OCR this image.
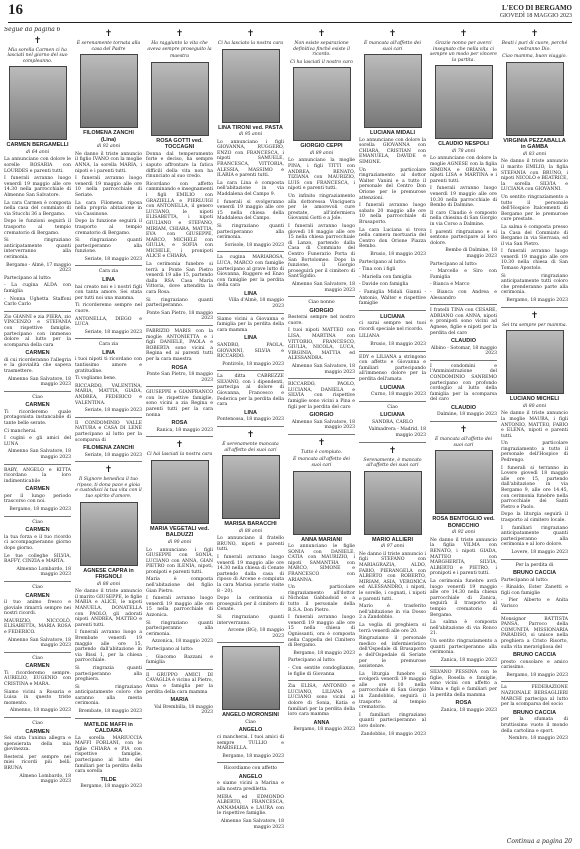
16	L'ECO DI BERGAMO
GIOVEDÌ 18 MAGGIO 2023
Segue da pagina 6
✝

Mia sorella Carmen ci ha lasciati nel giorno del suo compleanno.

CARMEN BERGAMELLI
di 64 anni

La annunciano con dolore le sorelle ROSARIA con LOURDES e parenti tutti.

I funerali avranno luogo venerdì 19 maggio alle ore 14.30 nella parrocchiale di Almenno San Salvatore.

La cara Carmen è composta nella casa del commiato di via Stucchi 36 a Bergamo.

Dopo le funzioni seguirà il trasporto al tempio crematorio di Bergamo.

Si ringraziano anticipatamente quanti interverranno alla cerimonia.

Bergamo - Almè, 17 maggio 2023

Partecipano al lutto:

- La cugina ALDA con famiglia

- Nonna Ughetta Staffoni Carlo Carlo

Zio GIANNI e zia PIERA, zio VINCENZO e STEFANIA con rispettive famiglie, partecipano con immenso dolore al lutto per la scomparsa della cara

CARMEN

di cui ricorderanno l'allegria e la giovialità che sapeva trasmettere.

Almenno San Salvatore, 18 maggio 2023

Ciao

CARMEN

Ti ricorderemo quale protagonista instancabile di tante belle serate.

Ci mancherai.

I cugini e gli amici del LUNA

Almenno San Salvatore, 18 maggio 2023

BABY, ANGELO e KITTA ricordano la loro indimenticabile

CARMEN

per il lungo periodo trascorso con noi.

Bergamo, 18 maggio 2023

Ciao

CARMEN

la tua forza e il tuo ricordo ci accompagneranno giorno dopo giorno.

Le tue colleghe SILVIA, BAFFY, CINZIA e MARTA.

Almenno Lombardo, 18 maggio 2023

Ciao

CARMEN

il tuo animo fresco e gioviale rimarrà sempre nei nostri ricordi.

MAURIZIO, NICCOLÒ, ELISABETTA, MARIA ROSA e FEDERICO.

Almenno San Salvatore, 18 maggio 2023

Ciao

CARMEN

Ti ricorderemo sempre. AURELIO, EUGENIO con CRISTINA e MARA.

Siamo vicini a Rosaria e Luisa in questo triste momento.

Almenno, 18 maggio 2023

Ciao

CARMEN

Sei stata l'anima allegra e spensierata della mia giovinezza.

Resterai per sempre nei miei ricordi più belli. BRUNA

Almeno Lombardo, 18 maggio 2023

✝

È serenamente tornata alla casa del Padre

FILOMENA ZANCHI (Lina)
di 92 anni

Ne danno il triste annuncio il figlio IVANO con la moglie ANNA, la sorella MARIA, i nipoti e i parenti tutti.

I funerali avranno luogo venerdì 19 maggio alle ore 10 nella parrocchiale di Seriate.

La cara Filomena riposa nella propria abitazione in via Cassinone.

Dopo la funzione seguirà il trasporto al tempio crematorio di Bergamo.

Si ringraziano quanti parteciperanno alla funzione.

Seriate, 18 maggio 2023

Cara zia

LINA

hai creato noi e i nostri figli con tanta amore. Sei stata per tutti noi una mamma.

Ti ricorderemo sempre nel cuore.

ANTONELLA, DIEGO e LUCA

Seriate, 18 maggio 2023

Cara zia

LINA

i tuoi nipoti ti ricordano con tantissimo amore e gratitudine.

Ti vogliamo bene.

RICCARDO, VALENTINA, MARIA, MATTIA, GIADA, ANDREA, FEDERICO e VALENTINA.

Seriate, 18 maggio 2023

Il CONDOMINIO VALLE NATURA e CASA DI LENE partecipano al lutto per la scomparsa di

FILOMENA ZANCHI

Seriate, 18 maggio 2023

✝

Il Signore benedica il tuo riposo, ti dona pace e gioia e custodisci la tua vita con il tuo spirito d'amore.

AGNESE CAPRA in FRIGNOLI
di 88 anni

Ne danno il triste annuncio il marito GIUSEPPE, le figlie MARIA e ALICE, le nipoti MANUELA, DONATELLA con PAOLO, gli adorati nipoti ANDREA, MATTEO e parenti tutti.

I funerali avranno luogo a Brembate venerdì 19 maggio alle ore 15, partendo dall'abitazione in via Bissi 1, per la chiesa parrocchiale.

Si ringrazia quanti parteciperanno alla preghiera.

Si ringraziano anticipatamente coloro che saranno alla mesta cerimonia.

Brembate, 18 maggio 2023

MATILDE MAFFI in CALDARA

La sorella MARIUCCIA MAFFI FORLANI, con le figlie CHIARA e PIA con rispettive famiglie, partecipano al lutto dei familiari per la perdita della cara sorella

TILDE

Bergamo, 18 maggio 2023

✝

Ha raggiunto la vita che aveva sempre proseguito la

maestra
ROSA GOTTI ved. TOCCAGNI

Donna dal temperamento forte e deciso, ha sempre saputo affrontare la fatica difficili della vita non ha rinunciato al suo credo.

Ricordano con affetto camminando e insegnamenti i figli EMILIO con GRAZIELLA e PIERLUIGI con ANTONELLA, il genero LUCIANO, le nipoti ELISABETTA, i nipoti GIULIANO e STEFANO, MIRIAM, CHIARA, MATTIA, EVA con GIUSEPPE, MARCO, MICHELE con GIULIA, e SOFIA con MICHELE, i pronipoti ALICE e CHIARA.

La cerimonia funebre si terrà a Ponte San Pietro venerdì 19 alle 15, partendo dalla RSA Casa Maria Vittoria, dove attendita la cara Rosa.

Si ringraziano quanti parteciperanno.

Ponte San Pietro, 18 maggio 2023

FABRIZIO MARIS con la moglie ANTONIETTA e i figli DANIELE, PAOLA e ROBERTA sono vicini a Regina ed ai parenti tutti per la cara maestra

ROSA

Ponte San Pietro, 18 maggio 2023

GIUSEPPE e GIANFRANCO con le rispettive famiglie, sono vicini a zia Regina e parenti tutti per la cara nonna

ROSA

Ranica, 18 maggio 2023

✝

Ci hai lasciati la nostra cara

MARIA VEGETALI ved. BALDUZZI
di 90 anni

Lo annunciano i figli GIUSEPPE con SONIA, LUCIANO con ANNA, GIAN PIETRO con ILENIA, nipoti, pronipoti e parenti tutti.

Maria è composta nell'abitazione del figlio Gian Pietro.

I funerali avranno luogo venerdì 19 maggio alle ore 15 nella parrocchiale di Azzonica.

Si ringraziano quanti parteciperanno alla cerimonia.

Azzonica, 18 maggio 2023

Partecipano al lutto:

- Giacomo Bazzani e famiglia

Il GRUPPO AMICI DI CAVAGLIA è vicino al Pietro, Anna e famiglia per la perdita della cara mamma

MARIA

Val Brembilla, 18 maggio 2023

✝

Ci ha lasciato la nostra cara

LINA TIRONI ved. PASTA
di 95 anni

Lo annunciano i figli GIOVANNA, RUGGERO, ENZO con FRANCESCA, i nipoti SAMUELE, FRANCESCA, VITTORIA, ALESSIA, MASSIMO e ILARIA e parenti tutti.

La cara Lina è composta nell'abitazione in via Maddalena del Campo 9.

I funerali si svolgeranno venerdì 19 maggio alle ore 15 nella chiesa della Maddalena del Campo.

Si ringraziano quanti parteciperanno alla cerimonia.

Sorisole, 18 maggio 2023

La cugina MARIAROSA, LUCA, MARCO con famiglie partecipano al grave lutto di Giovanna, Ruggero ed Enzo con famiglie per la perdita della cara

LINA

Villa d'Almè, 18 maggio 2023

Siamo vicini a Giovanna e famiglia per la perdita della cara mamma

LINA

SANDRO, PAOLA, GIOVANNI, SILVIA e RICCARDO.

Pontirolo, 18 maggio 2023

La ditta CABREZZE SILVANO, con i dipendenti, partecipa al dolore di Giovanna, Francesco e Federica per la perdita della cara

LINA

Pontenossa, 18 maggio 2023

✝

È serenamente mancata all'affetto dei suoi cari

MARISA BARACCHI
di 88 anni

Lo annunciano il fratello BRUNO, nipoti e parenti tutti.

I funerali avranno luogo venerdì 19 maggio alle ore 14.30 nella chiesa di Cenate partendo dalla casa di riposo di Arcene e compiuta la cara Marisa (orario visite 8 - 20).

Dopo la cerimonia si proseguirà per il cimitero di Cenate.

Si ringraziano quanti interverranno.

Arcene (BG), 18 maggio 2023

ANGELO MORONSINI

Ciao

ANGELO

ci mancherai. I tuoi amici di sempre TULLIO e MARISELLA.

Bergamo, 18 maggio 2023

Ricordiamo con affetto

ANGELO

e siamo vicini a Marina e alla nostra prediletta.

MERA ed EDMONDO ALBERTO, FRANCESCA, ANNAMARIA e LAURA con le rispettive famiglie.

Almenno San Salvatore, 18 maggio 2023

✝

Non esiste separazione definitiva finché esiste il ricordo.

Ci ha lasciati il nostro caro

GIORGIO CEPPI
di 89 anni

Lo annunciano la moglie PINA, i figli TITTI con ANDREA, RENATO, TIZIANA con MAURIZIO, LUIS con FRANCESCA, i nipoti e parenti tutti.

Un infinito ringraziamento alla dottoressa Vinciguera per le amorevoli cure prestate, all'infermiera Giovanni Gotti e a Jole.

I funerali avranno luogo giovedì 18 maggio alle ore 15 nella chiesa parrocchiale di Lanzo, partendo dalla Casa di Commiato del Centro Funerario Porta di San Bortolomeo. Dopo la funzione, il Giorgio proseguirà per il cimitero di Sant'Egidio.

Almenno San Salvatore, 18 maggio 2023

Ciao nonno

GIORGIO

Resterai sempre nel nostro cuore.

I tuoi nipoti MATTEO con LISA, MARTINA con VITTORIO, FRANCESCO, GIULIA, NICOLA, LUCA, VIRGINIA, MATTIA ed ALESSANDRA.

Almenno San Salvatore, 18 maggio 2023

RICCARDO, PAOLO, LUCIANA, DANIELA e SILVIA con rispettive famiglie sono vicini a Pina e figli per la perdita del caro

GIORGIO

Almenno San Salvatore, 18 maggio 2023

✝

Tutto è compiuto.

È mancata all'affetto dei suoi cari

ANNA MARIANI

Lo annunciano le figlie SONIA con DANIELE, CATIA con MAURIZIO, i nipoti SAMANTHA con MARCO, SIMONE e FRANCESCO con ARIANNA.

Un particolare ringraziamento all'dottor Nicholas Gabbadoid e a tutto il personale della R.S.A. Don Pietro.

I funerali avranno luogo venerdì 19 maggio alle ore 15 nella chiesa di Ognissanti, ora è composta nella Cappella del Cimitero di Bergamo.

Bergamo, 18 maggio 2023

Partecipano al lutto:

- Con sentite condoglianze, le figlie di Giovanna

Zia ELISA, ANTONIO e LUCIANO, LILIANA e LUCIANO sono vicini al dolore di Sonia, Katia e familiari per la perdita della loro cara mamma

ANNA

Bergamo, 18 maggio 2023

✝

È mancata all'affetto dei suoi cari

LUCIANA MIDALI

Lo annunciano con dolore la sorella GIOVANNA con CHIARA, CRISTIAN con EMANUELA, DAVIDE e SIMONE.

Un particolare ringraziamento al dottor Walter Vanini e a tutto il personale del Centro Don Orione per le premurose attenzioni.

I funerali avranno luogo sabato 20 maggio alle ore 10 nella parrocchiale di Brusaporto.

La cara Luciana si trova nella camera mortuaria del Centro don Orione Piazza Bembo.

Brusio, 18 maggio 2023

Partecipano al lutto:

- Tina con i figli

- Mariella con famiglia

- Davide con famiglia

- Famiglia Midali Gianni - Antonio, Walter e rispettive famiglie

LUCIANA

ci sarai sempre nei tuoi ricordi speciale nel ricordo.

LILIANA

Brusio, 18 maggio 2023

EDY e LILIANA a stringono con affetto e Giovanna e familiari partecipando all'immenso dolore per la perdita dell'amata

LUCIANA

Curno, 18 maggio 2023

Ciao

LUCIANA

SANDRA, CARLO

Valmadrera - Madrid, 18 maggio 2023

✝

Serenamente, è mancato all'affetto dei suoi cari

MARIO ALLIERI
di 97 anni

Ne danno il triste annuncio i figli STEFANO con MARIAGRAZIA, ALDO, FABIO, PIERANGELA con ALBERTO con ROBERTO, MIRIAM, ASIA, VERONICA ed ALESSANDRO, i nipoti, le sorelle, i cognati, i nipoti e parenti tutti.

Mario è trasferito nell'abitazione in via Dosso 2 a Zandobbio.

La veglia di preghiera si terrà venerdì alle ore 20.

Ringraziamo il personale medico ed infermieristico dell'Ospedale di Brusaporto e dell'Ospedale di Seriate per le premurose assistenze.

La liturgia funebre si svolgerà venerdì 19 maggio alle ore 10 nella parrocchiale di San Giorgio in Zandobbio, seguirà il trasporto al tempio crematorio.

I familiari ringraziano quanti parteciperanno al loro dolore.

Zandobbio, 18 maggio 2023

✝

Grazie nonno per averci insegnato che nella vita ci sempre un modo per vincere la partita.

CLAUDIO NESPOLI
di 78 anni

Lo annunciano con dolore la moglie AGNESE con la figlia SIMONA e ORIANA, le nipoti LISA e MARTINA e i parenti tutti.

I funerali avranno luogo venerdì 19 maggio alle ore 10.30 nella parrocchiale di Bembo di Dalmine.

Il caro Claudio è composto nella chiesina di San Giorgio in via Corso a Dalmine.

I parenti ringraziano e si sentono partecipare al loro dolore.

Bembo di Dalmine, 18 maggio 2023

Partecipano al lutto:

- Marcello e Siro con Famiglia

- Bianca e Marco

- Bianca con Andrea e Alessandro

I fratelli TINA con CESARE, ADRIANO con ANNA, nipoti e pronipoti sono vicini ad Agnese, figlie e nipoti per la perdita del caro

CLAUDIO

Albino - Sotomar, 18 maggio 2023

I condomini e l'Amministrazione del CONDOMINIO SANREMO partecipano con profondo cordoglio al lutto della famiglia per la scomparsa del caro

CLAUDIO

Dalmine, 18 maggio 2023

✝

È mancata all'affetto dei suoi cari

ROSA BENTOGLIO ved. BONICCHIO
di 92 anni

Ne danno il triste annuncio la figlia VILMA con RENATO, i nipoti GIADA, MATTEO con MARGHERITA, SILVIA, ALBERTO e PIETRO, i pronipoti e i parenti tutti.

La cerimonia funebre avrà luogo venerdì 19 maggio alle ore 14.30 nella chiesa parrocchiale di Zanica, seguirà il trasporto al tempio crematorio di Bergamo.

La salma è composta nell'abitazione di via Ronco 21.

Un sentito ringraziamento a quanti parteciperanno alla cerimonia.

Zanica, 18 maggio 2023

SILVANO PESSINA con le figlie, Rosella e famiglie, sono vicini con affetto a Vilma e figli e familiari per la perdita della mamma

ROSA

Zanica, 18 maggio 2023

✝

Beati i puri di cuore, perché vedranno Dio.

Ciao mamma, buon viaggio.

VIRGINIA PEZZABALLA in GAMBA
di 83 anni

Ne danno il triste annuncio il marito EMILIO, la figlia STEFANIA con BRUNO, i nipoti NICOLÒ e BEATRICE, la sorella SILVIA e LUCIANA con GIOVANNI.

Un sentito ringraziamento a tutto il personale dell'Hospice Italcementi di Bergamo per le premurose cure prestate.

La salma è composta presso la Casa del Commiato di Bergamo in via Siervasa, ed il via San Pietro.

I funerali avranno luogo venerdì 19 maggio alle ore 10.30 nella chiesa di San Tomaso Apostolo.

Si ringraziano anticipatamente tutti coloro che prenderanno parte alla cerimonia.

Bergamo, 18 maggio 2023

✝

Sei tra sempre per mamma.

LUCIANO MICHELI
di 80 anni

Ne danno il triste annuncio la moglie MAURA, i figli ANTONIO, MATTEO, FABIO e ELENA, nipoti e parenti tutti.

Un particolare ringraziamento a tutto il personale dell'Hospice di Pedrengo.

I funerali si terranno in Lovere giovedì 18 maggio alle ore 15, partendo dall'abitazione in via Bergamo 9, alle ore 14.45, con cerimonia funebre nella parrocchiale dei Santi Pietro e Paolo.

Dopo la liturgia seguirà il trasporto al cimitero locale.

I familiari ringraziano anticipatamente quanti parteciperanno alla cerimonia e al loro dolore.

Lovere, 18 maggio 2023

Per la perdita di

BRUNO CACCIA

Partecipano al lutto:

- Rinaldo, Ester Zanetti e figli con famiglie

- Pier Alberto e Anita Varisco

Monsignor BATTISTA PANSA, Parroco della COMUNITÀ MISSIONARIA PARADISO, si unisce nella preghiera a Cristo Risorto, sulla vita meravigliosa del

BRUNO CACCIA

presto consolare e amico carissimo.

Bergamo, 18 maggio 2023

La FEDERAZIONE NAZIONALE BERSAGLIERI MARCHI partecipa al lutto per la scomparsa del socio

BRUNO CACCIA

per la sfumata di bruttissimo vuoto il mondo della cartolina e sport.

Nembro, 18 maggio 2023

Continua a pagina 20
